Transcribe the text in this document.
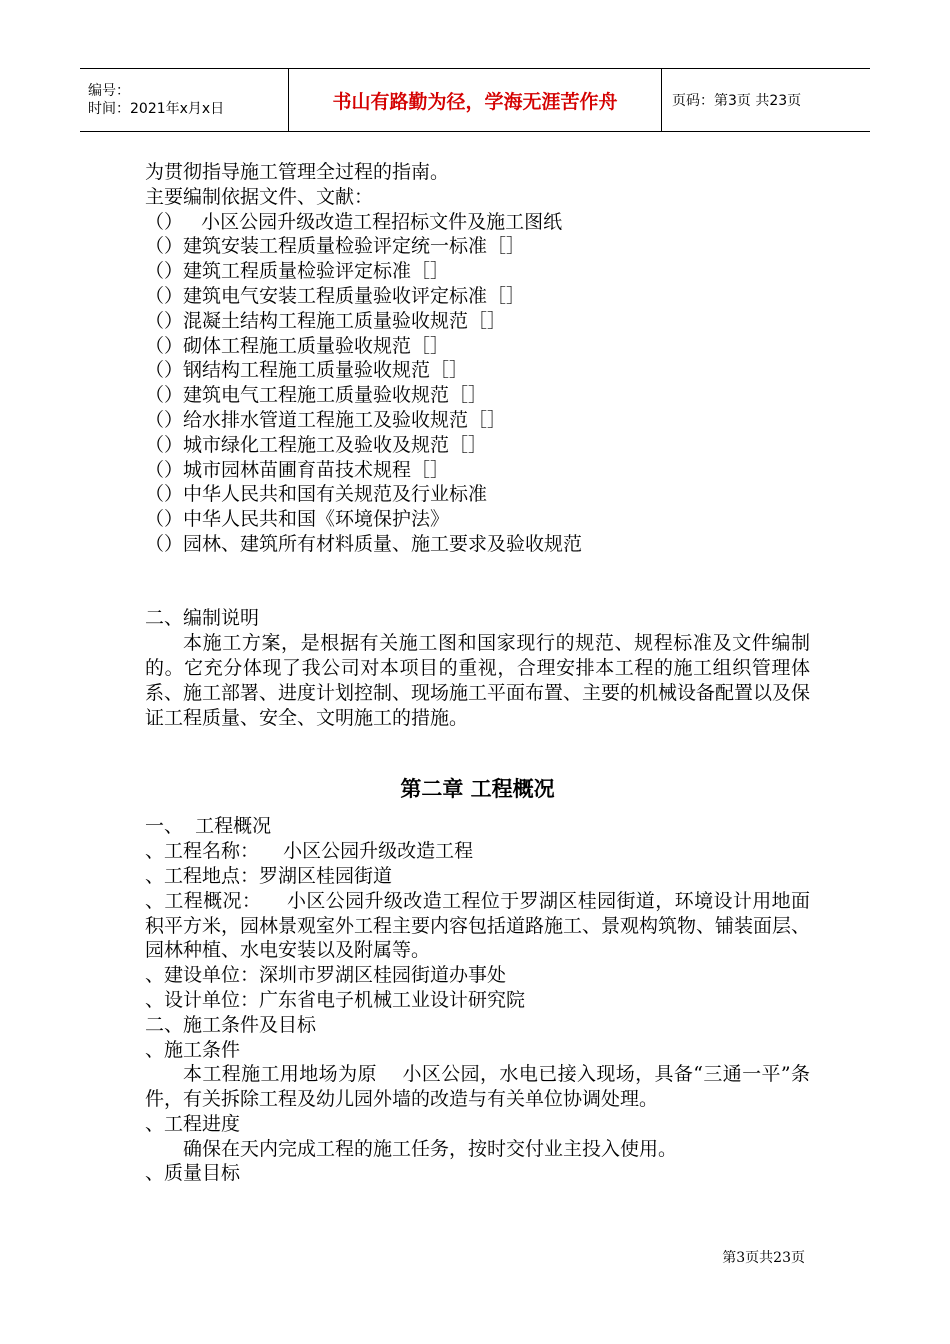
编号：
时间：2021年x月x日	书山有路勤为径，学海无涯苦作舟	页码：第3页 共23页

为贯彻指导施工管理全过程的指南。

主要编制依据文件、文献：

（）   小区公园升级改造工程招标文件及施工图纸

（）建筑安装工程质量检验评定统一标准［］

（）建筑工程质量检验评定标准［］

（）建筑电气安装工程质量验收评定标准［］

（）混凝土结构工程施工质量验收规范［］

（）砌体工程施工质量验收规范［］

（）钢结构工程施工质量验收规范［］

（）建筑电气工程施工质量验收规范［］

（）给水排水管道工程施工及验收规范［］

（）城市绿化工程施工及验收及规范［］

（）城市园林苗圃育苗技术规程［］

（）中华人民共和国有关规范及行业标准

（）中华人民共和国《环境保护法》

（）园林、建筑所有材料质量、施工要求及验收规范

二、编制说明

本施工方案，是根据有关施工图和国家现行的规范、规程标准及文件编制的。它充分体现了我公司对本项目的重视，合理安排本工程的施工组织管理体系、施工部署、进度计划控制、现场施工平面布置、主要的机械设备配置以及保证工程质量、安全、文明施工的措施。

第二章 工程概况

一、  工程概况

、工程名称：    小区公园升级改造工程

、工程地点：罗湖区桂园街道

、工程概况：    小区公园升级改造工程位于罗湖区桂园街道，环境设计用地面积平方米，园林景观室外工程主要内容包括道路施工、景观构筑物、铺装面层、园林种植、水电安装以及附属等。

、建设单位：深圳市罗湖区桂园街道办事处

、设计单位：广东省电子机械工业设计研究院

二、施工条件及目标

、施工条件

本工程施工用地场为原    小区公园，水电已接入现场，具备“三通一平”条件，有关拆除工程及幼儿园外墙的改造与有关单位协调处理。

、工程进度

确保在天内完成工程的施工任务，按时交付业主投入使用。

、质量目标

第3页共23页
